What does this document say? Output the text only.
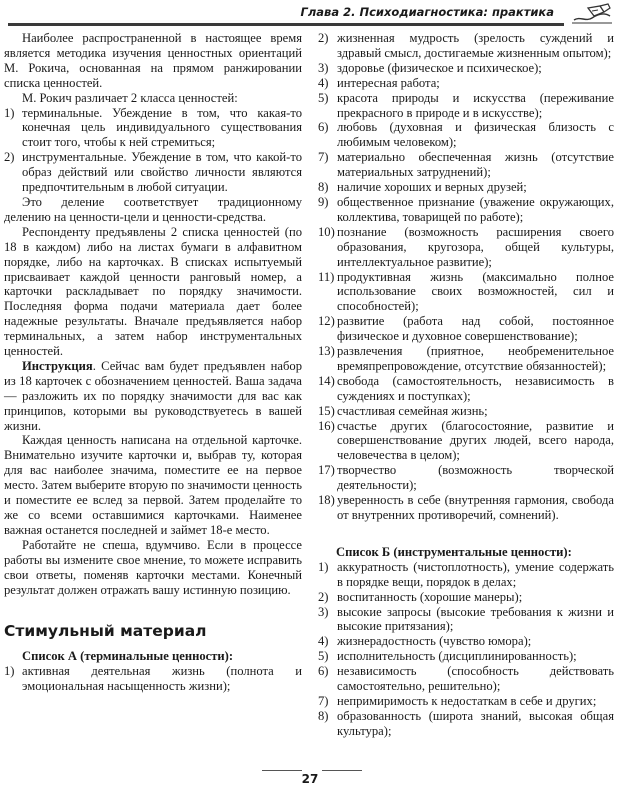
Глава 2. Психодиагностика: практика

Наиболее распространенной в настоящее время является методика изучения ценностных ориентаций М. Рокича, основанная на прямом ранжировании списка ценностей.

М. Рокич различает 2 класса ценностей:

1) терминальные. Убеждение в том, что какая-то конечная цель индивидуального существования стоит того, чтобы к ней стремиться;
2) инструментальные. Убеждение в том, что какой-то образ действий или свойство личности являются предпочтительным в любой ситуации.

Это деление соответствует традиционному делению на ценности-цели и ценности-средства.

Респонденту предъявлены 2 списка ценностей (по 18 в каждом) либо на листах бумаги в алфавитном порядке, либо на карточках. В списках испытуемый присваивает каждой ценности ранговый номер, а карточки раскладывает по порядку значимости. Последняя форма подачи материала дает более надежные результаты. Вначале предъявляется набор терминальных, а затем набор инструментальных ценностей.

Инструкция. Сейчас вам будет предъявлен набор из 18 карточек с обозначением ценностей. Ваша задача — разложить их по порядку значимости для вас как принципов, которыми вы руководствуетесь в вашей жизни.

Каждая ценность написана на отдельной карточке. Внимательно изучите карточки и, выбрав ту, которая для вас наиболее значима, поместите ее на первое место. Затем выберите вторую по значимости ценность и поместите ее вслед за первой. Затем проделайте то же со всеми оставшимися карточками. Наименее важная останется последней и займет 18-е место.

Работайте не спеша, вдумчиво. Если в процессе работы вы измените свое мнение, то можете исправить свои ответы, поменяв карточки местами. Конечный результат должен отражать вашу истинную позицию.

Стимульный материал

Список А (терминальные ценности):

1) активная деятельная жизнь (полнота и эмоциональная насыщенность жизни);
2) жизненная мудрость (зрелость суждений и здравый смысл, достигаемые жизненным опытом);
3) здоровье (физическое и психическое);
4) интересная работа;
5) красота природы и искусства (переживание прекрасного в природе и в искусстве);
6) любовь (духовная и физическая близость с любимым человеком);
7) материально обеспеченная жизнь (отсутствие материальных затруднений);
8) наличие хороших и верных друзей;
9) общественное признание (уважение окружающих, коллектива, товарищей по работе);
10) познание (возможность расширения своего образования, кругозора, общей культуры, интеллектуальное развитие);
11) продуктивная жизнь (максимально полное использование своих возможностей, сил и способностей);
12) развитие (работа над собой, постоянное физическое и духовное совершенствование);
13) развлечения (приятное, необременительное времяпрепровождение, отсутствие обязанностей);
14) свобода (самостоятельность, независимость в суждениях и поступках);
15) счастливая семейная жизнь;
16) счастье других (благосостояние, развитие и совершенствование других людей, всего народа, человечества в целом);
17) творчество (возможность творческой деятельности);
18) уверенность в себе (внутренняя гармония, свобода от внутренних противоречий, сомнений).

Список Б (инструментальные ценности):

1) аккуратность (чистоплотность), умение содержать в порядке вещи, порядок в делах;
2) воспитанность (хорошие манеры);
3) высокие запросы (высокие требования к жизни и высокие притязания);
4) жизнерадостность (чувство юмора);
5) исполнительность (дисциплинированность);
6) независимость (способность действовать самостоятельно, решительно);
7) непримиримость к недостаткам в себе и других;
8) образованность (широта знаний, высокая общая культура);
27
